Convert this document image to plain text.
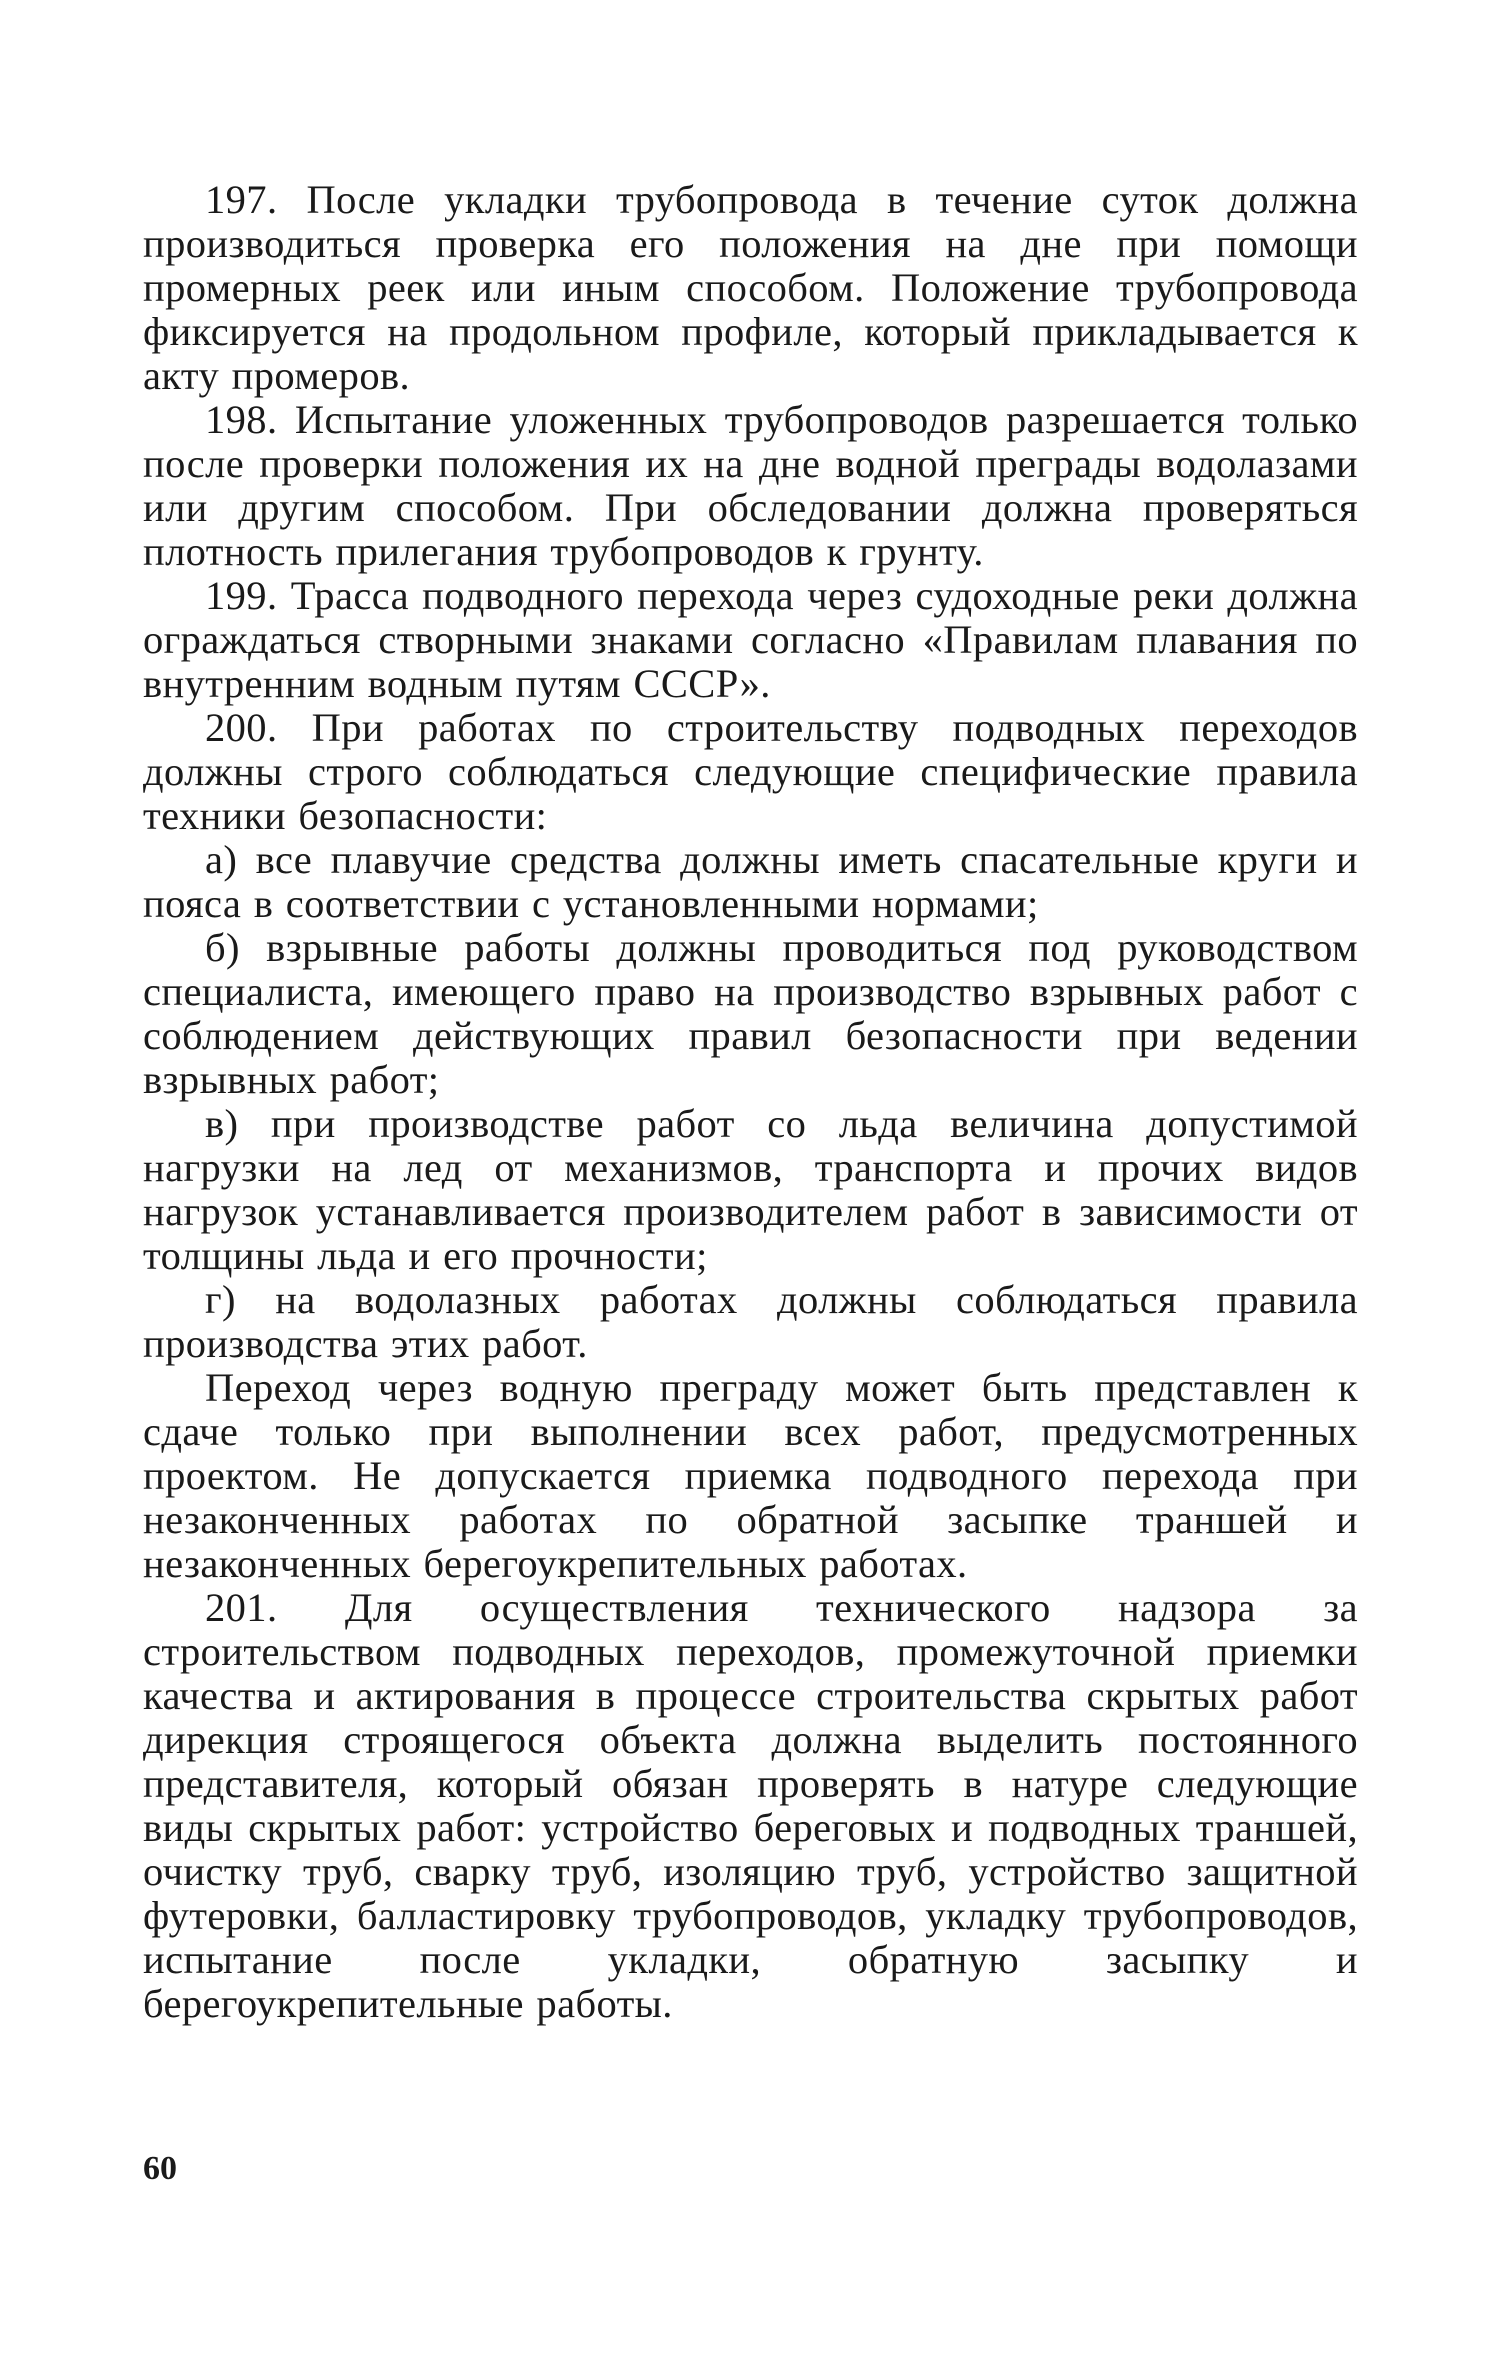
197. После укладки трубопровода в течение суток должна производиться проверка его положения на дне при помощи промерных реек или иным способом. Положение трубопровода фиксируется на продольном профиле, который прикладывается к акту промеров.

198. Испытание уложенных трубопроводов разрешается только после проверки положения их на дне водной преграды водолазами или другим способом. При обследовании должна проверяться плотность прилегания трубопроводов к грунту.

199. Трасса подводного перехода через судоходные реки должна ограждаться створными знаками согласно «Правилам плавания по внутренним водным путям СССР».

200. При работах по строительству подводных переходов должны строго соблюдаться следующие специфические правила техники безопасности:

а) все плавучие средства должны иметь спасательные круги и пояса в соответствии с установленными нормами;

б) взрывные работы должны проводиться под руководством специалиста, имеющего право на производство взрывных работ с соблюдением действующих правил безопасности при ведении взрывных работ;

в) при производстве работ со льда величина допустимой нагрузки на лед от механизмов, транспорта и прочих видов нагрузок устанавливается производителем работ в зависимости от толщины льда и его прочности;

г) на водолазных работах должны соблюдаться правила производства этих работ.

Переход через водную преграду может быть представлен к сдаче только при выполнении всех работ, предусмотренных проектом. Не допускается приемка подводного перехода при незаконченных работах по обратной засыпке траншей и незаконченных берегоукрепительных работах.

201. Для осуществления технического надзора за строительством подводных переходов, промежуточной приемки качества и актирования в процессе строительства скрытых работ дирекция строящегося объекта должна выделить постоянного представителя, который обязан проверять в натуре следующие виды скрытых работ: устройство береговых и подводных траншей, очистку труб, сварку труб, изоляцию труб, устройство защитной футеровки, балластировку трубопроводов, укладку трубопроводов, испытание после укладки, обратную засыпку и берегоукрепительные работы.

60
